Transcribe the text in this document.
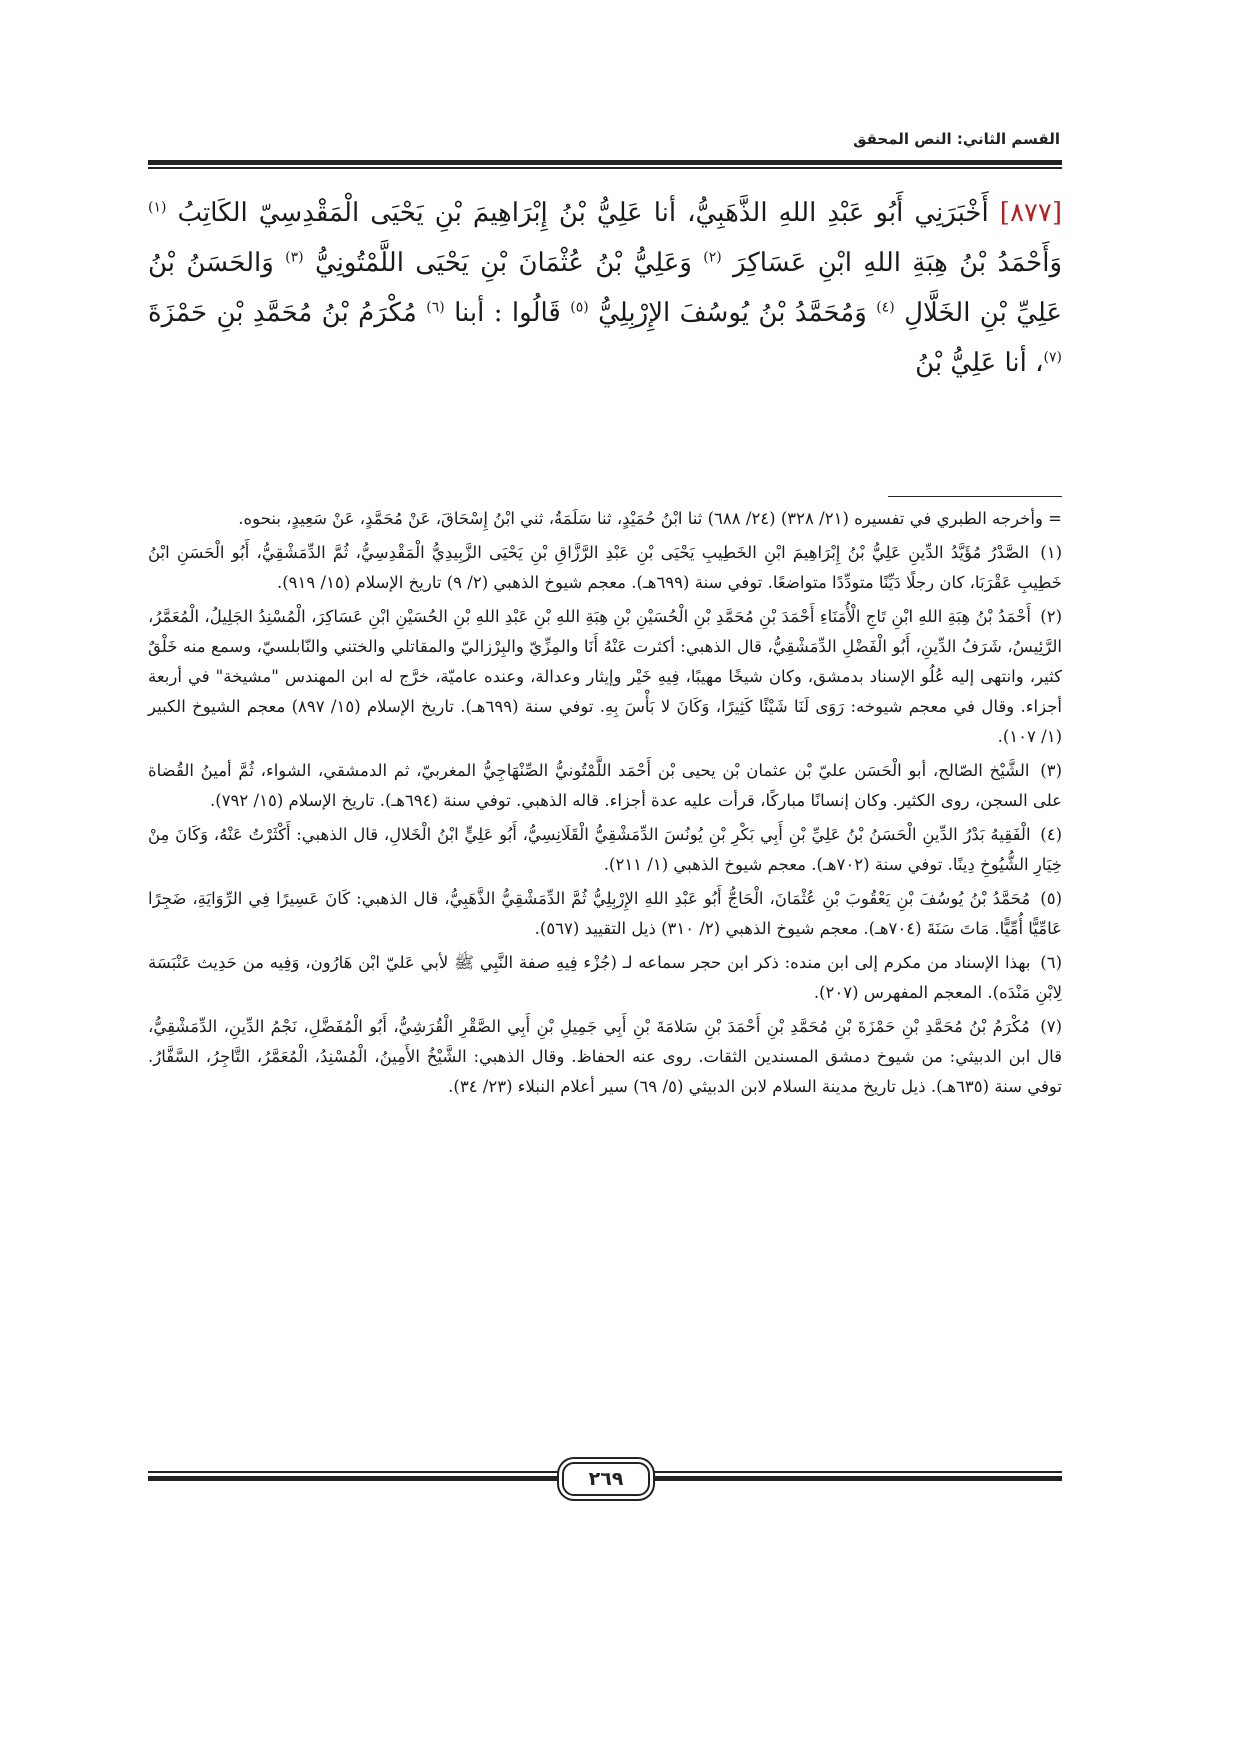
القسم الثاني: النص المحقق
[٨٧٧] أَخْبَرَنِي أَبُو عَبْدِ اللهِ الذَّهَبِيُّ، أنا عَلِيُّ بْنُ إِبْرَاهِيمَ بْنِ يَحْيَى الْمَقْدِسِيّ الكَاتِبُ $^{(١)}$ وَأَحْمَدُ بْنُ هِبَةِ اللهِ ابْنِ عَسَاكِرَ $^{(٢)}$ وَعَلِيُّ بْنُ عُثْمَانَ بْنِ يَحْيَى اللَّمْتُونِيُّ $^{(٣)}$ وَالحَسَنُ بْنُ عَلِيِّ بْنِ الخَلَّالِ $^{(٤)}$ وَمُحَمَّدُ بْنُ يُوسُفَ الإِرْبِلِيُّ $^{(٥)}$ قَالُوا : أبنا $^{(٦)}$ مُكْرَمُ بْنُ مُحَمَّدِ بْنِ حَمْزَةَ $^{(٧)}$، أنا عَلِيُّ بْنُ

= وأخرجه الطبري في تفسيره (٢١/ ٣٢٨) (٢٤/ ٦٨٨) ثنا ابْنُ حُمَيْدٍ، ثنا سَلَمَةُ، ثني ابْنُ إِسْحَاقَ، عَنْ مُحَمَّدٍ، عَنْ سَعِيدٍ، بنحوه.

(١) الصَّدْرُ مُؤَيَّدُ الدِّينِ عَلِيُّ بْنُ إِبْرَاهِيمَ ابْنِ الخَطِيبِ يَحْيَى بْنِ عَبْدِ الرَّزَّاقِ بْنِ يَحْيَى الزَّبِيدِيُّ الْمَقْدِسِيُّ، ثُمَّ الدِّمَشْقِيُّ، أَبُو الْحَسَنِ ابْنُ خَطِيبِ عَقْرَبَا، كان رجلًا دَيِّنًا متودِّدًا متواضعًا. توفي سنة (٦٩٩هـ). معجم شيوخ الذهبي (٢/ ٩) تاريخ الإسلام (١٥/ ٩١٩).

(٢) أَحْمَدُ بْنُ هِبَةِ اللهِ ابْنِ تَاجِ الْأُمَنَاءِ أَحْمَدَ بْنِ مُحَمَّدِ بْنِ الْحُسَيْنِ بْنِ هِبَةِ اللهِ بْنِ عَبْدِ اللهِ بْنِ الحُسَيْنِ ابْنِ عَسَاكِرَ، الْمُسْنِدُ الجَلِيلُ، الْمُعَمَّرُ، الرَّئِيسُ، شَرَفُ الدِّينِ، أَبُو الْفَضْلِ الدِّمَشْقِيُّ، قال الذهبي: أكثرت عَنْهُ أَنَا والمِزِّيّ والبِرْزاليّ والمقاتلي والختني والنّابلسيّ، وسمع منه خَلْقٌ كثير، وانتهى إليه عُلُو الإسناد بدمشق، وكان شيخًا مهيبًا، فِيهِ خَيْر وإيثار وعدالة، وعنده عاميّة، خرَّج له ابن المهندس "مشيخة" في أربعة أجزاء. وقال في معجم شيوخه: رَوَى لَنَا شَيْئًا كَثِيرًا، وَكَانَ لا بَأْسَ بِهِ. توفي سنة (٦٩٩هـ). تاريخ الإسلام (١٥/ ٨٩٧) معجم الشيوخ الكبير (١/ ١٠٧).

(٣) الشَّيْخ الصّالح، أبو الْحَسَن عليّ بْن عثمان بْن يحيى بْن أَحْمَد اللَّمْتُونيُّ الصِّنْهَاجِيُّ المغربيّ، ثم الدمشقي، الشواء، ثُمَّ أمينُ القُضاة على السجن، روى الكثير. وكان إنسانًا مباركًا، قرأت عليه عدة أجزاء. قاله الذهبي. توفي سنة (٦٩٤هـ). تاريخ الإسلام (١٥/ ٧٩٢).

(٤) الْفَقِيهُ بَدْرُ الدِّينِ الْحَسَنُ بْنُ عَلِيِّ بْنِ أَبِي بَكْرِ بْنِ يُونُسَ الدِّمَشْقِيُّ الْقَلَانِسِيُّ، أَبُو عَلِيٍّ ابْنُ الْخَلالِ، قال الذهبي: أَكْثَرْتُ عَنْهُ، وَكَانَ مِنْ خِيَارِ الشُّيُوخِ دِينًا. توفي سنة (٧٠٢هـ). معجم شيوخ الذهبي (١/ ٢١١).

(٥) مُحَمَّدُ بْنُ يُوسُفَ بْنِ يَعْقُوبَ بْنِ عُثْمَانَ، الْحَاجُّ أَبُو عَبْدِ اللهِ الإِرْبِلِيُّ ثُمَّ الدِّمَشْقِيُّ الذَّهَبِيُّ، قال الذهبي: كَانَ عَسِيرًا فِي الرِّوَايَةِ، ضَجِرًا عَامِّيًّا أُمِّيًّا. مَاتَ سَنَةَ (٧٠٤هـ). معجم شيوخ الذهبي (٢/ ٣١٠) ذيل التقييد (٥٦٧).

(٦) بهذا الإسناد من مكرم إلى ابن منده: ذكر ابن حجر سماعه لـ (جُزْء فِيهِ صفة النَّبِي ﷺ لأبي عَليّ ابْن هَارُون، وَفِيه من حَدِيث عَنْبَسَة لِابْنِ مَنْدَه). المعجم المفهرس (٢٠٧).

(٧) مُكْرَمُ بْنُ مُحَمَّدِ بْنِ حَمْزَةَ بْنِ مُحَمَّدِ بْنِ أَحْمَدَ بْنِ سَلامَةَ بْنِ أَبِي جَمِيلِ بْنِ أَبِي الصَّقْرِ الْقُرَشِيُّ، أَبُو الْمُفَضَّلِ، نَجْمُ الدِّينِ، الدِّمَشْقِيُّ، قال ابن الدبيثي: من شيوخ دمشق المسندين الثقات. روى عنه الحفاظ. وقال الذهبي: الشَّيْخُ الأَمِينُ، الْمُسْنِدُ، الْمُعَمَّرُ، التَّاجِرُ، السَّفَّارُ. توفي سنة (٦٣٥هـ). ذيل تاريخ مدينة السلام لابن الدبيثي (٥/ ٦٩) سير أعلام النبلاء (٢٣/ ٣٤).

٢٦٩
